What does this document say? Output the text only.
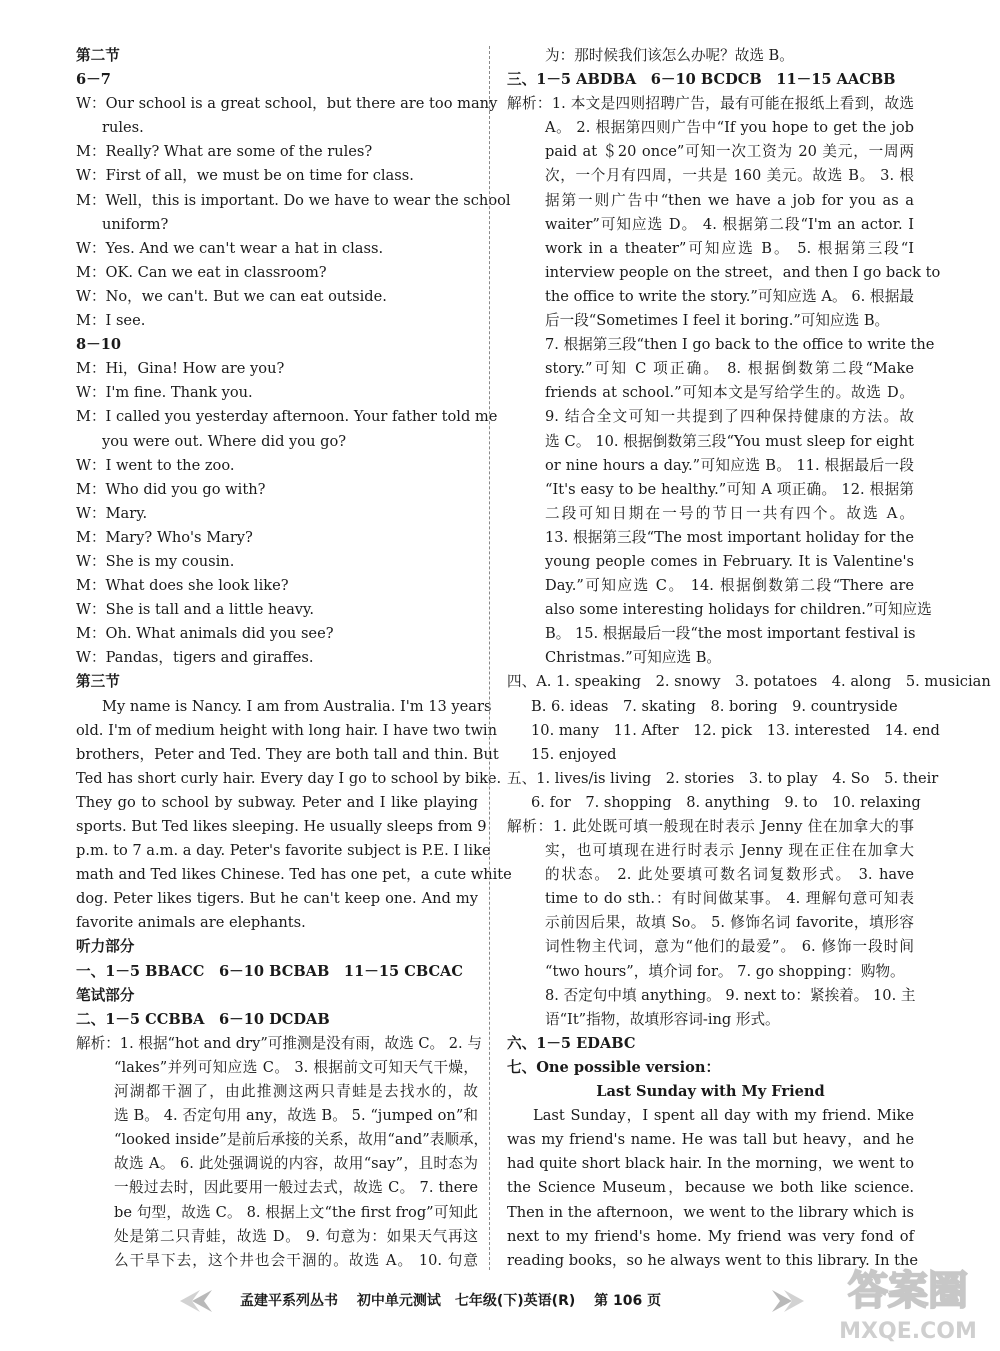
第二节
6－7
W：Our school is a great school，but there are too many
rules.
M：Really? What are some of the rules?
W：First of all，we must be on time for class.
M：Well，this is important. Do we have to wear the school
uniform?
W：Yes. And we can't wear a hat in class.
M：OK. Can we eat in classroom?
W：No，we can't. But we can eat outside.
M：I see.
8－10
M：Hi，Gina! How are you?
W：I'm fine. Thank you.
M：I called you yesterday afternoon. Your father told me
you were out. Where did you go?
W：I went to the zoo.
M：Who did you go with?
W：Mary.
M：Mary? Who's Mary?
W：She is my cousin.
M：What does she look like?
W：She is tall and a little heavy.
M：Oh. What animals did you see?
W：Pandas，tigers and giraffes.
第三节
My name is Nancy. I am from Australia. I'm 13 years
old. I'm of medium height with long hair. I have two twin
brothers，Peter and Ted. They are both tall and thin. But
Ted has short curly hair. Every day I go to school by bike.
They go to school by subway. Peter and I like playing
sports. But Ted likes sleeping. He usually sleeps from 9
p.m. to 7 a.m. a day. Peter's favorite subject is P.E. I like
math and Ted likes Chinese. Ted has one pet，a cute white
dog. Peter likes tigers. But he can't keep one. And my
favorite animals are elephants.
听力部分
一、1－5 BBACC　6－10 BCBAB　11－15 CBCAC
笔试部分
二、1－5 CCBBA　6－10 DCDAB
解析：1. 根据“hot and dry”可推测是没有雨，故选 C。 2. 与
“lakes”并列可知应选 C。 3. 根据前文可知天气干燥，
河湖都干涸了，由此推测这两只青蛙是去找水的，故
选 B。 4. 否定句用 any，故选 B。 5. “jumped on”和
“looked inside”是前后承接的关系，故用“and”表顺承，
故选 A。 6. 此处强调说的内容，故用“say”，且时态为
一般过去时，因此要用一般过去式，故选 C。 7. there
be 句型，故选 C。 8. 根据上文“the first frog”可知此
处是第二只青蛙，故选 D。 9. 句意为：如果天气再这
么干旱下去，这个井也会干涸的。故选 A。 10. 句意
为：那时候我们该怎么办呢？故选 B。
三、1－5 ABDBA　6－10 BCDCB　11－15 AACBB
解析：1. 本文是四则招聘广告，最有可能在报纸上看到，故选
A。 2. 根据第四则广告中“If you hope to get the job
paid at ＄20 once”可知一次工资为 20 美元，一周两
次，一个月有四周，一共是 160 美元。故选 B。 3. 根
据第一则广告中“then we have a job for you as a
waiter”可知应选 D。 4. 根据第二段“I'm an actor. I
work in a theater”可知应选 B。 5. 根据第三段“I
interview people on the street，and then I go back to
the office to write the story.”可知应选 A。 6. 根据最
后一段“Sometimes I feel it boring.”可知应选 B。
7. 根据第三段“then I go back to the office to write the
story.”可知 C 项正确。 8. 根据倒数第二段“Make
friends at school.”可知本文是写给学生的。故选 D。
9. 结合全文可知一共提到了四种保持健康的方法。故
选 C。 10. 根据倒数第三段“You must sleep for eight
or nine hours a day.”可知应选 B。 11. 根据最后一段
“It's easy to be healthy.”可知 A 项正确。 12. 根据第
二段可知日期在一号的节日一共有四个。故选 A。
13. 根据第三段“The most important holiday for the
young people comes in February. It is Valentine's
Day.”可知应选 C。 14. 根据倒数第二段“There are
also some interesting holidays for children.”可知应选
B。 15. 根据最后一段“the most important festival is
Christmas.”可知应选 B。
四、A. 1. speaking　2. snowy　3. potatoes　4. along　5. musician
B. 6. ideas　7. skating　8. boring　9. countryside
10. many　11. After　12. pick　13. interested　14. end
15. enjoyed
五、1. lives/is living　2. stories　3. to play　4. So　5. their
6. for　7. shopping　8. anything　9. to　10. relaxing
解析：1. 此处既可填一般现在时表示 Jenny 住在加拿大的事
实，也可填现在进行时表示 Jenny 现在正住在加拿大
的状态。 2. 此处要填可数名词复数形式。 3. have
time to do sth.：有时间做某事。 4. 理解句意可知表
示前因后果，故填 So。 5. 修饰名词 favorite，填形容
词性物主代词，意为“他们的最爱”。 6. 修饰一段时间
“two hours”，填介词 for。 7. go shopping：购物。
8. 否定句中填 anything。 9. next to：紧挨着。 10. 主
语“It”指物，故填形容词-ing 形式。
六、1－5 EDABC
七、One possible version：
Last Sunday with My Friend
Last Sunday，I spent all day with my friend. Mike
was my friend's name. He was tall but heavy，and he
had quite short black hair. In the morning，we went to
the Science Museum，because we both like science.
Then in the afternoon，we went to the library which is
next to my friend's home. My friend was very fond of
reading books，so he always went to this library. In the
孟建平系列丛书　 初中单元测试　七年级(下)英语(R)　 第 106 页	答案圈
MXQE.COM
